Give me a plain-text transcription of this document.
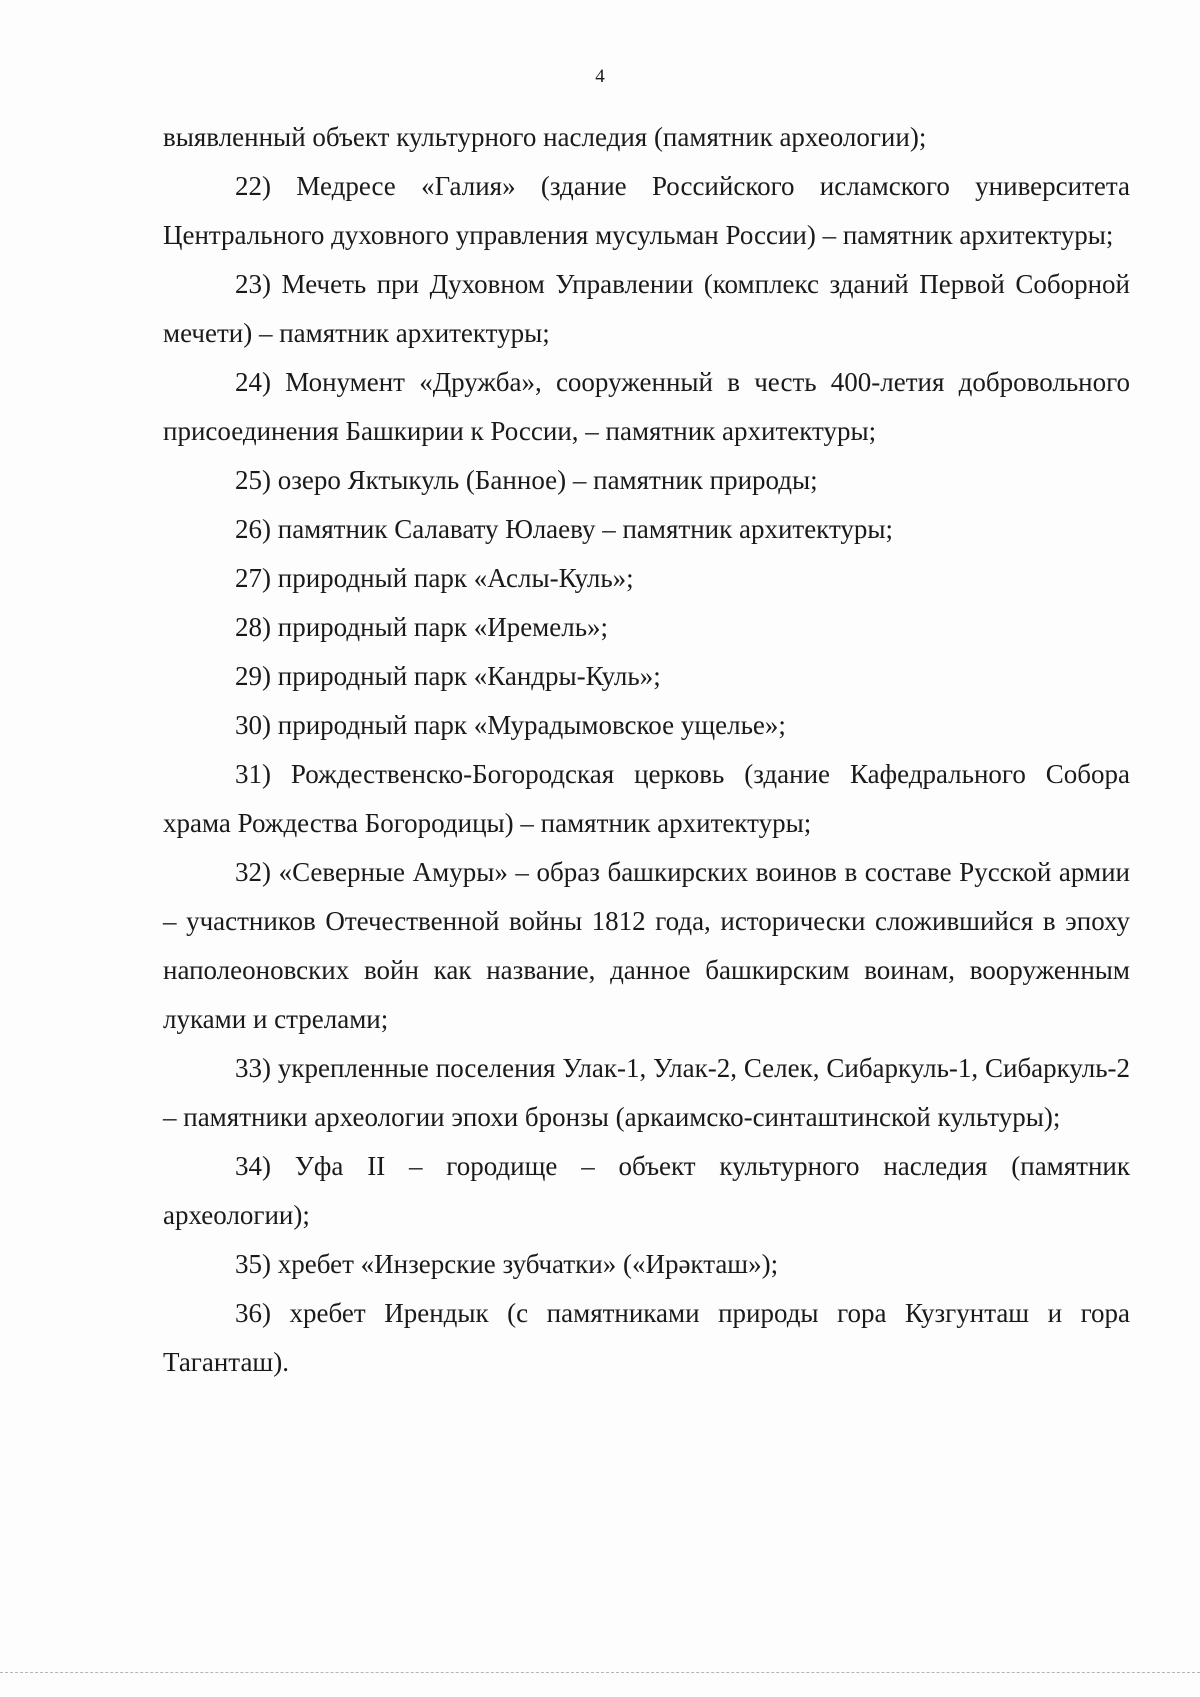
4

выявленный объект культурного наследия (памятник археологии);

22) Медресе «Галия» (здание Российского исламского университета Центрального духовного управления мусульман России) – памятник архитектуры;

23) Мечеть при Духовном Управлении (комплекс зданий Первой Соборной мечети) – памятник архитектуры;

24) Монумент «Дружба», сооруженный в честь 400-летия добровольного присоединения Башкирии к России, – памятник архитектуры;

25) озеро Яктыкуль (Банное) – памятник природы;

26) памятник Салавату Юлаеву – памятник архитектуры;

27) природный парк «Аслы-Куль»;

28) природный парк «Иремель»;

29) природный парк «Кандры-Куль»;

30) природный парк «Мурадымовское ущелье»;

31) Рождественско-Богородская церковь (здание Кафедрального Собора храма Рождества Богородицы) – памятник архитектуры;

32) «Северные Амуры» – образ башкирских воинов в составе Русской армии – участников Отечественной войны 1812 года, исторически сложившийся в эпоху наполеоновских войн как название, данное башкирским воинам, вооруженным луками и стрелами;

33) укрепленные поселения Улак-1, Улак-2, Селек, Сибаркуль-1, Сибаркуль-2 – памятники археологии эпохи бронзы (аркаимско-синташтинской культуры);

34) Уфа II – городище – объект культурного наследия (памятник археологии);

35) хребет «Инзерские зубчатки» («Ирәкташ»);

36) хребет Ирендык (с памятниками природы гора Кузгунташ и гора Таганташ).
